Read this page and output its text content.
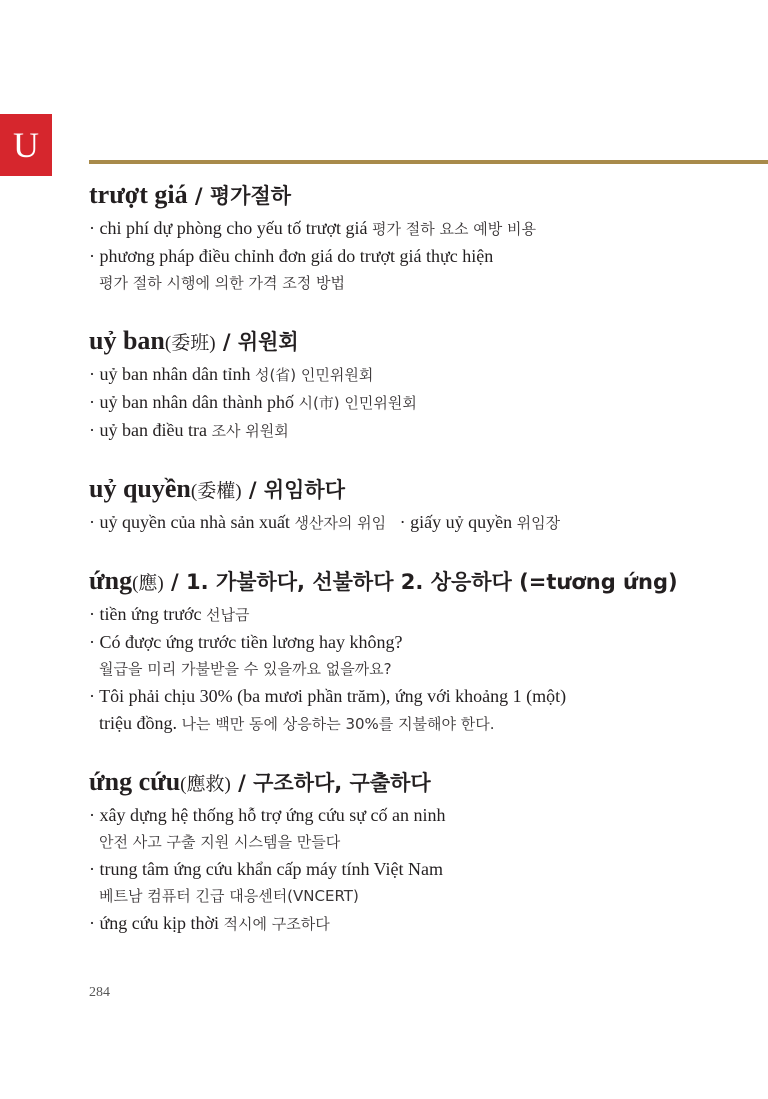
U

trượt giá / 평가절하

· chi phí dự phòng cho yếu tố trượt giá 평가 절하 요소 예방 비용

· phương pháp điều chỉnh đơn giá do trượt giá thực hiện

평가 절하 시행에 의한 가격 조정 방법

uỷ ban(委班) / 위원회

· uỷ ban nhân dân tỉnh 성(省) 인민위원회

· uỷ ban nhân dân thành phố 시(市) 인민위원회

· uỷ ban điều tra 조사 위원회

uỷ quyền(委權) / 위임하다

· uỷ quyền của nhà sản xuất 생산자의 위임   · giấy uỷ quyền 위임장

ứng(應) / 1. 가불하다, 선불하다 2. 상응하다 (=tương ứng)

· tiền ứng trước 선납금

· Có được ứng trước tiền lương hay không?

월급을 미리 가불받을 수 있을까요 없을까요?

· Tôi phải chịu 30% (ba mươi phần trăm), ứng với khoảng 1 (một)

triệu đồng. 나는 백만 동에 상응하는 30%를 지불해야 한다.

ứng cứu(應救) / 구조하다, 구출하다

· xây dựng hệ thống hỗ trợ ứng cứu sự cố an ninh

안전 사고 구출 지원 시스템을 만들다

· trung tâm ứng cứu khẩn cấp máy tính Việt Nam

베트남 컴퓨터 긴급 대응센터(VNCERT)

· ứng cứu kịp thời 적시에 구조하다

284
